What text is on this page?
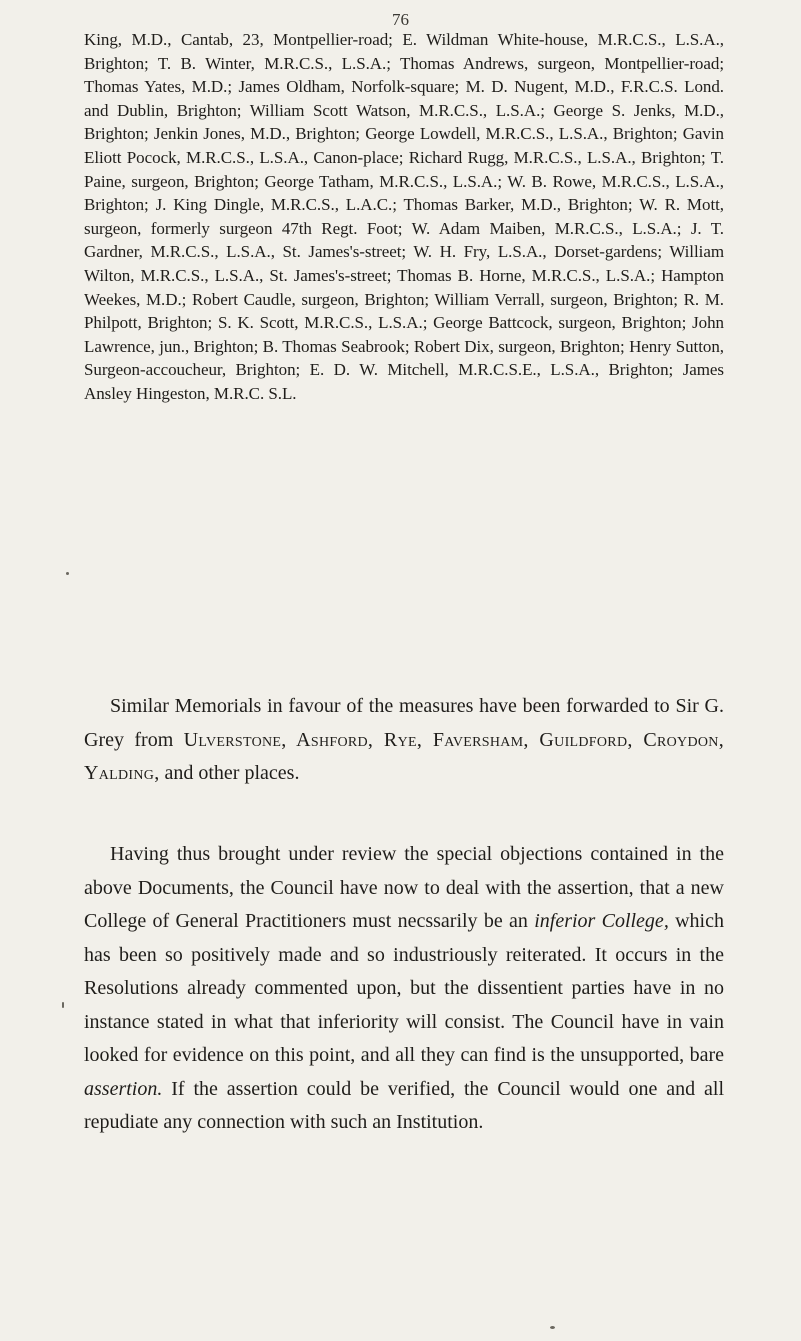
76

King, M.D., Cantab, 23, Montpellier-road; E. Wildman White-house, M.R.C.S., L.S.A., Brighton; T. B. Winter, M.R.C.S., L.S.A.; Thomas Andrews, surgeon, Montpellier-road; Thomas Yates, M.D.; James Oldham, Norfolk-square; M. D. Nugent, M.D., F.R.C.S. Lond. and Dublin, Brighton; William Scott Watson, M.R.C.S., L.S.A.; George S. Jenks, M.D., Brighton; Jenkin Jones, M.D., Brighton; George Lowdell, M.R.C.S., L.S.A., Brighton; Gavin Eliott Pocock, M.R.C.S., L.S.A., Canon-place; Richard Rugg, M.R.C.S., L.S.A., Brighton; T. Paine, surgeon, Brighton; George Tatham, M.R.C.S., L.S.A.; W. B. Rowe, M.R.C.S., L.S.A., Brighton; J. King Dingle, M.R.C.S., L.A.C.; Thomas Barker, M.D., Brighton; W. R. Mott, surgeon, formerly surgeon 47th Regt. Foot; W. Adam Maiben, M.R.C.S., L.S.A.; J. T. Gardner, M.R.C.S., L.S.A., St. James's-street; W. H. Fry, L.S.A., Dorset-gardens; William Wilton, M.R.C.S., L.S.A., St. James's-street; Thomas B. Horne, M.R.C.S., L.S.A.; Hampton Weekes, M.D.; Robert Caudle, surgeon, Brighton; William Verrall, surgeon, Brighton; R. M. Philpott, Brighton; S. K. Scott, M.R.C.S., L.S.A.; George Battcock, surgeon, Brighton; John Lawrence, jun., Brighton; B. Thomas Seabrook; Robert Dix, surgeon, Brighton; Henry Sutton, Surgeon-accoucheur, Brighton; E. D. W. Mitchell, M.R.C.S.E., L.S.A., Brighton; James Ansley Hingeston, M.R.C. S.L.

Similar Memorials in favour of the measures have been forwarded to Sir G. Grey from Ulverstone, Ashford, Rye, Faversham, Guildford, Croydon, Yalding, and other places.

Having thus brought under review the special objections contained in the above Documents, the Council have now to deal with the assertion, that a new College of General Practitioners must necssarily be an inferior College, which has been so positively made and so industriously reiterated. It occurs in the Resolutions already commented upon, but the dissentient parties have in no instance stated in what that inferiority will consist. The Council have in vain looked for evidence on this point, and all they can find is the unsupported, bare assertion. If the assertion could be verified, the Council would one and all repudiate any connection with such an Institution.
